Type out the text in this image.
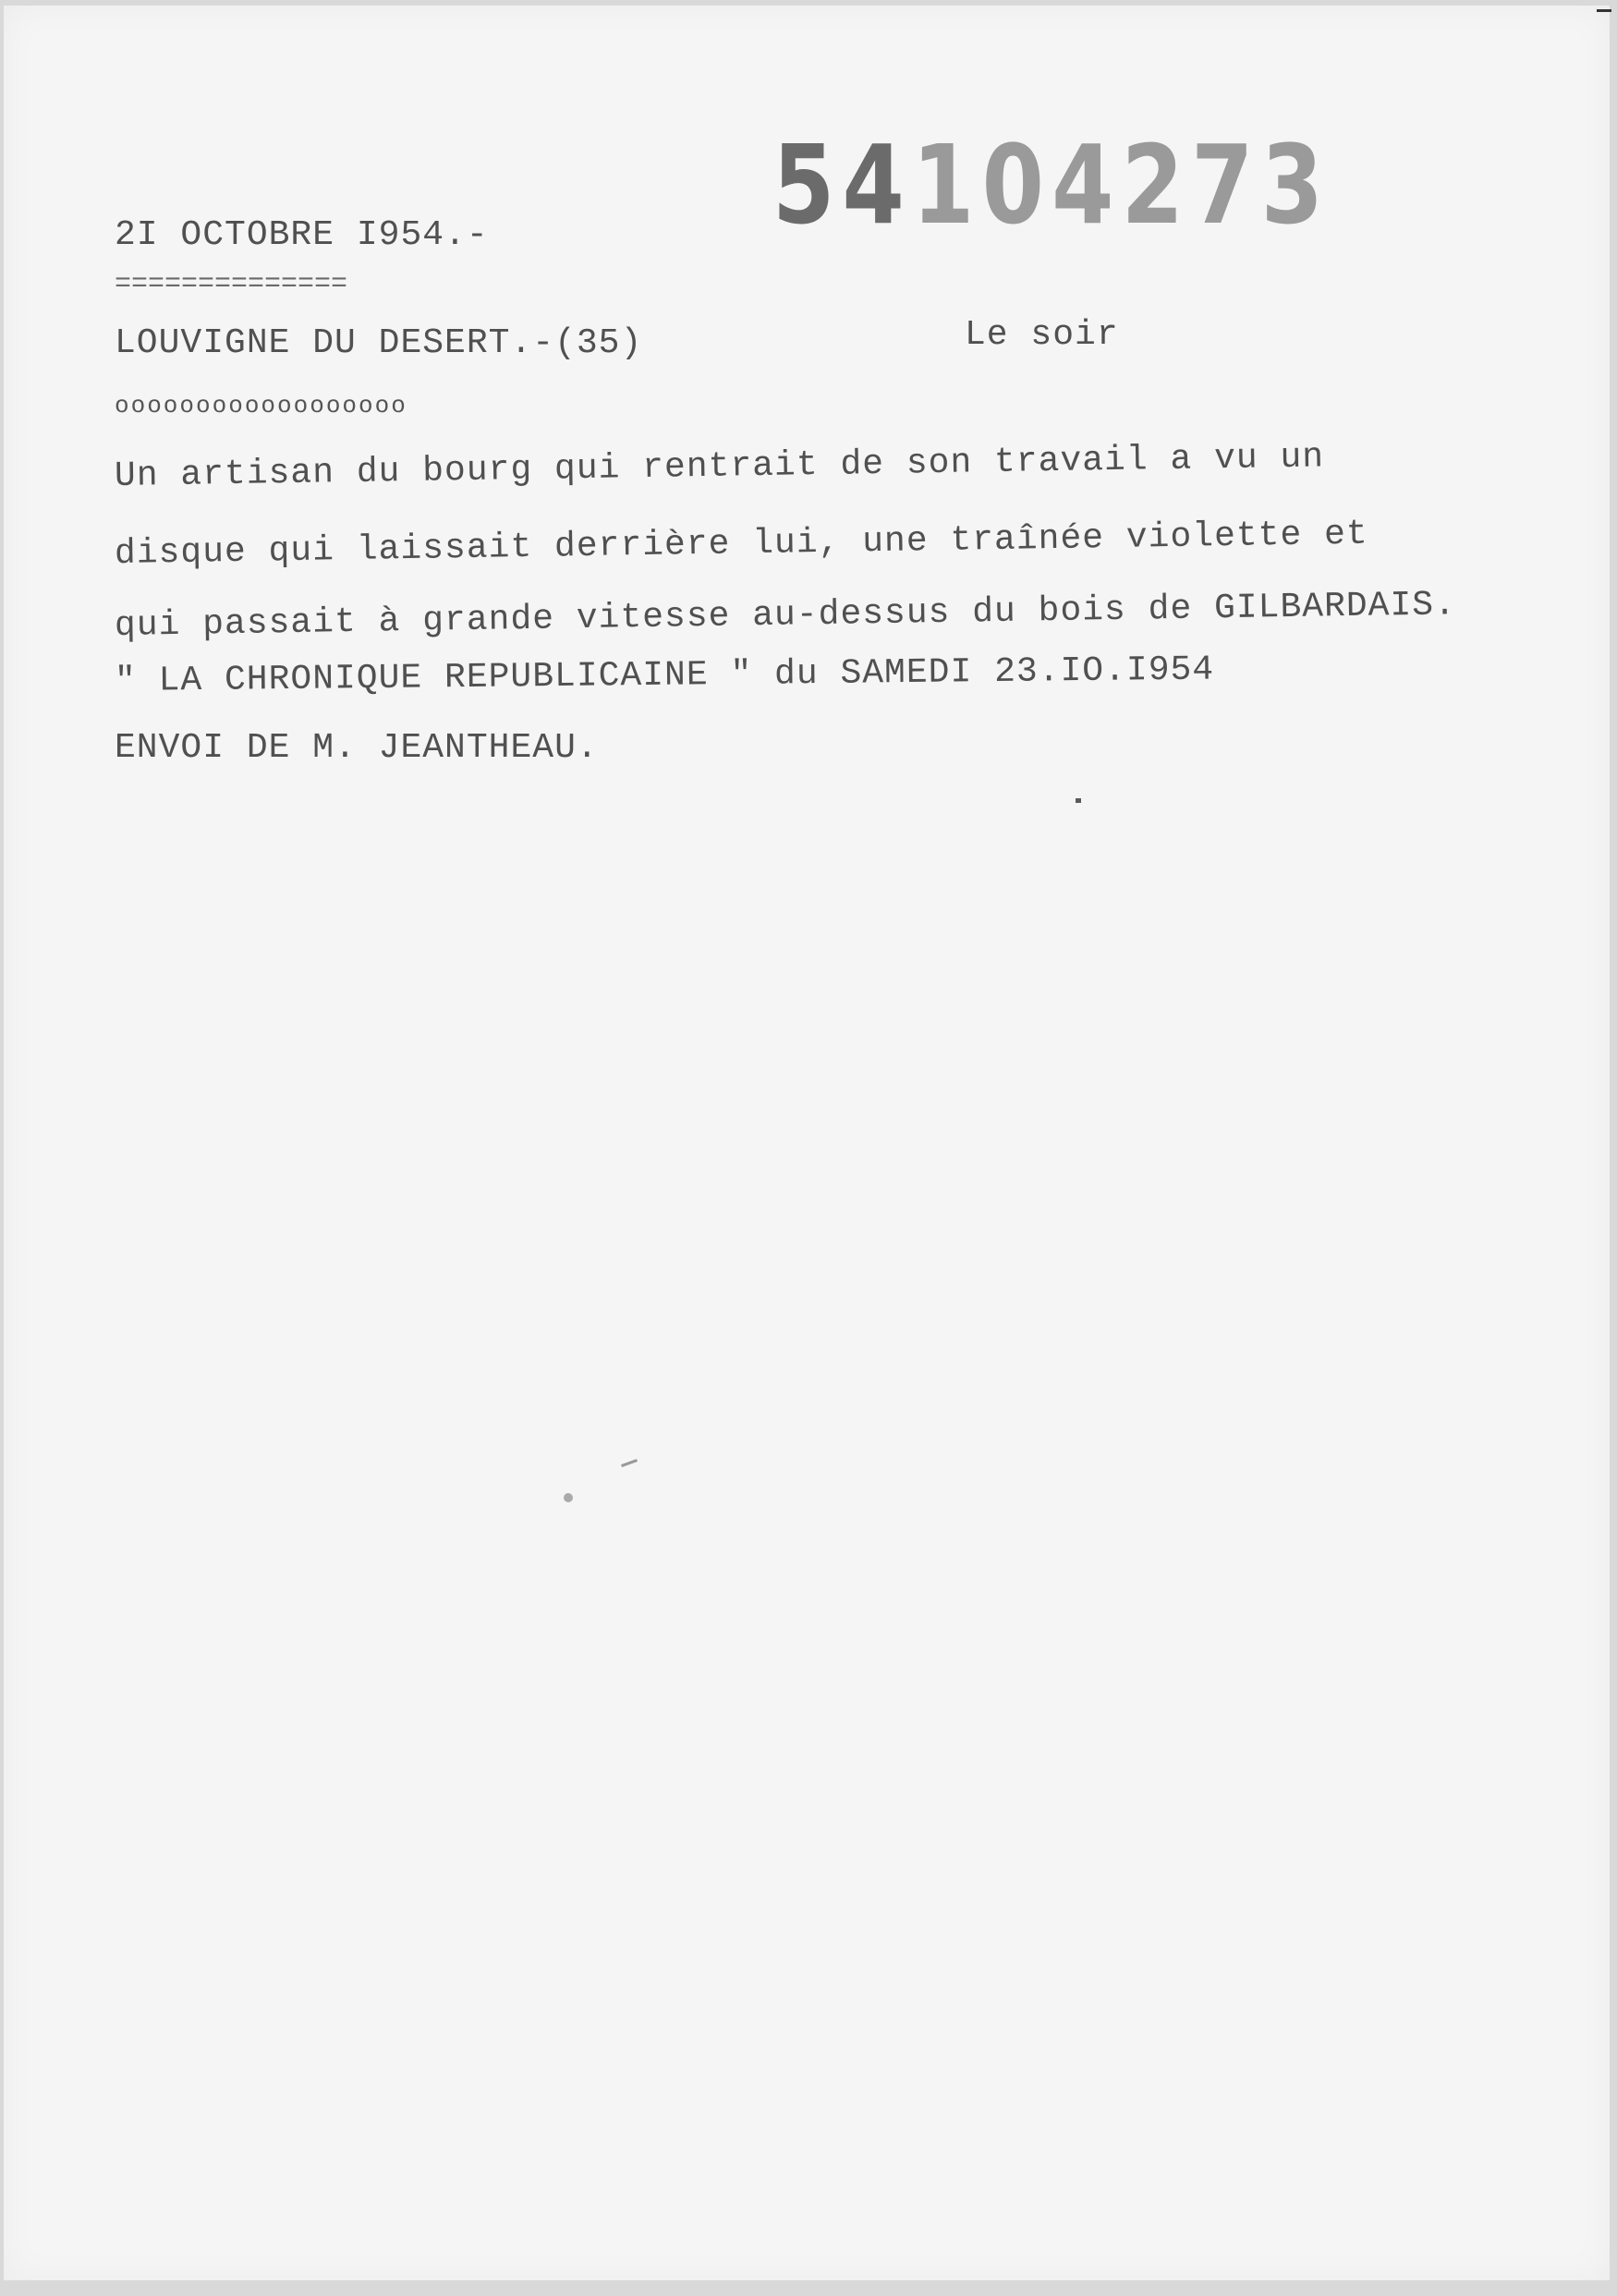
54104273
2I OCTOBRE I954.-
==============
LOUVIGNE DU DESERT.-(35)	Le soir
oooooooooooooooooo
Un artisan du bourg qui rentrait de son travail a vu un
disque qui laissait derrière lui, une traînée violette et
qui passait à grande vitesse au-dessus du bois de GILBARDAIS.
" LA CHRONIQUE REPUBLICAINE " du SAMEDI 23.IO.I954
ENVOI DE M. JEANTHEAU.
